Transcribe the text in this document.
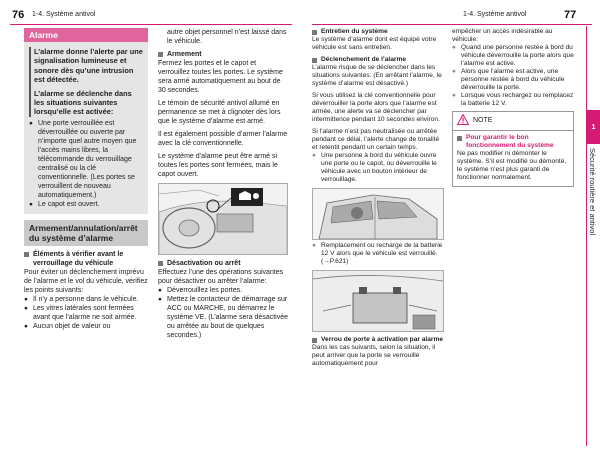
76 1-4. Système antivol	1-4. Système antivol	77
Alarme

L’alarme donne l’alerte par une signalisation lumineuse et sonore dès qu’une intrusion est détectée.

L’alarme se déclenche dans les situations suivantes lorsqu’elle est activée:

● Une porte verrouillée est déverrouillée ou ouverte par n’importe quel autre moyen que l’accès mains libres, la télécommande du verrouillage centralisé ou la clé conventionnelle. (Les portes se verrouillent de nouveau automatiquement.)
● Le capot est ouvert.
Armement/annulation/arrêt du système d’alarme

Éléments à vérifier avant le verrouillage du véhicule

Pour éviter un déclenchement imprévu de l’alarme et le vol du véhicule, vérifiez les points suivants:

● Il n’y a personne dans le véhicule.
● Les vitres latérales sont fermées avant que l’alarme ne soit armée.
● Aucun objet de valeur ou

autre objet personnel n’est laissé dans le véhicule.

Armement

Fermez les portes et le capot et verrouillez toutes les portes. Le système sera armé automatiquement au bout de 30 secondes.

Le témoin de sécurité antivol allumé en permanence se met à clignoter dès lors que le système d’alarme est armé.

Il est également possible d’armer l’alarme avec la clé conventionnelle.

Le système d’alarme peut être armé si toutes les portes sont fermées, mais le capot ouvert.

Désactivation ou arrêt

Effectuez l’une des opérations suivantes pour désactiver ou arrêter l’alarme:

● Déverrouillez les portes.
● Mettez le contacteur de démarrage sur ACC ou MARCHE, ou démarrez le système VE. (L’alarme sera désactivée ou arrêtée au bout de quelques secondes.)

Entretien du système

Le système d’alarme dont est équipé votre véhicule est sans entretien.

Déclenchement de l’alarme

L’alarme risque de se déclencher dans les situations suivantes: (En arrêtant l’alarme, le système d’alarme est désactivé.)

Si vous utilisez la clé conventionnelle pour déverrouiller la porte alors que l’alarme est armée, une alerte va se déclencher par intermittence pendant 10 secondes environ.

Si l’alarme n’est pas neutralisée ou arrêtée pendant ce délai, l’alerte change de tonalité et retentit pendant un certain temps.

● Une personne à bord du véhicule ouvre une porte ou le capot, ou déverrouille le véhicule avec un bouton intérieur de verrouillage.
● Remplacement ou recharge de la batterie 12 V alors que le véhicule est verrouillé. (→P.621)

Verrou de porte à activation par alarme

Dans les cas suivants, selon la situation, il peut arriver que la porte se verrouille automatiquement pour

empêcher un accès indésirable au véhicule:

● Quand une personne restée à bord du véhicule déverrouille la porte alors que l’alarme est active.
● Alors que l’alarme est active, une personne restée à bord du véhicule déverrouille la porte.
● Lorsque vous rechargez ou remplacez la batterie 12 V.
NOTE

Pour garantir le bon fonctionnement du système

Ne pas modifier ni démonter le système. S’il est modifié ou démonté, le système n’est plus garanti de fonctionner normalement.

1
Sécurité routière et antivol
